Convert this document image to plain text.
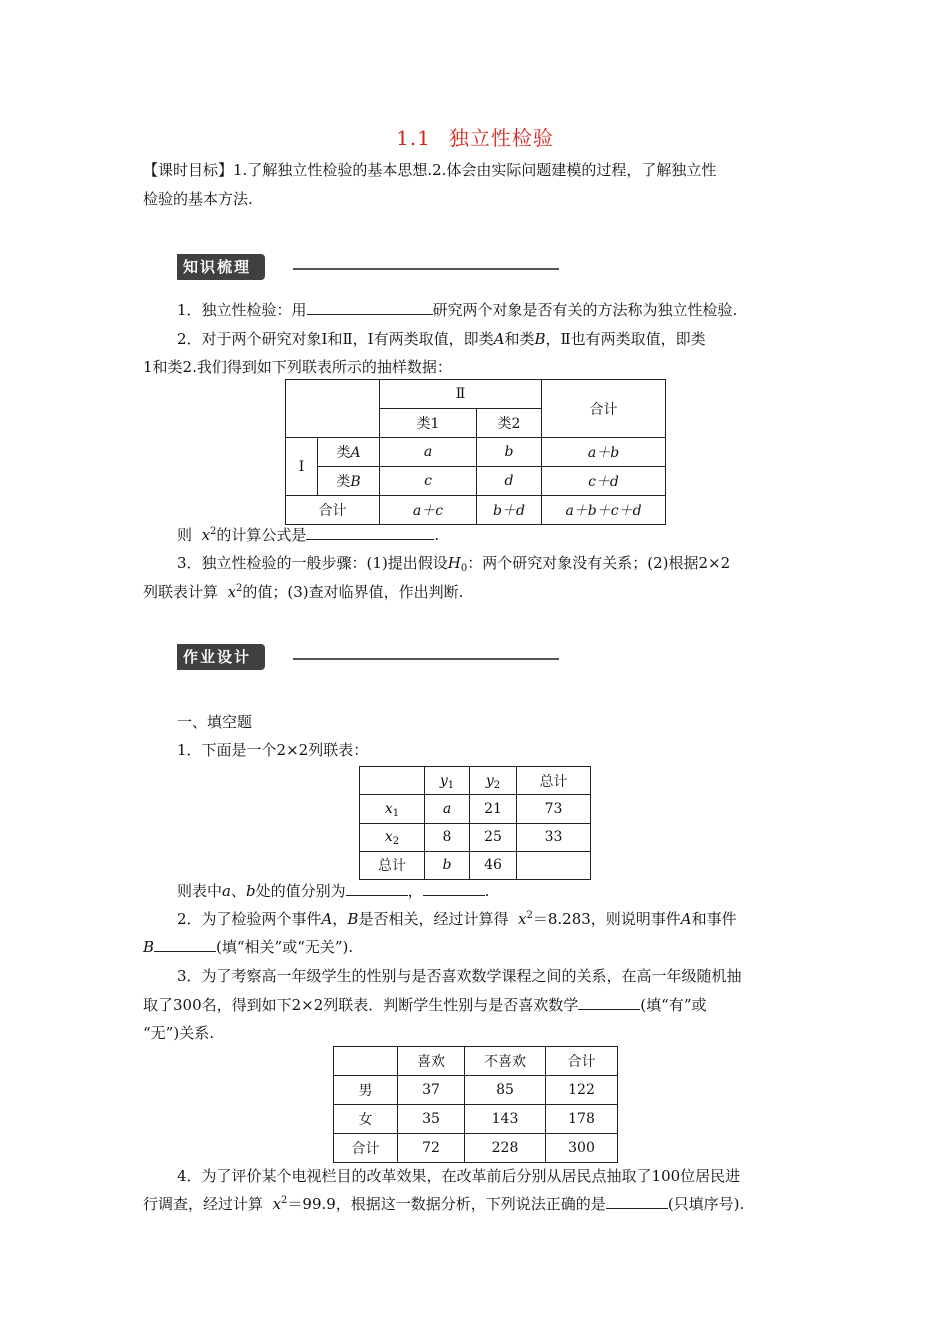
1.1 独立性检验
【课时目标】1.了解独立性检验的基本思想.2.体会由实际问题建模的过程，了解独立性
检验的基本方法.
知识梳理
1．独立性检验：用	研究两个对象是否有关的方法称为独立性检验.
2．对于两个研究对象Ⅰ和Ⅱ，Ⅰ有两类取值，即类A和类B，Ⅱ也有两类取值，即类
1和类2.我们得到如下列联表所示的抽样数据：
		Ⅱ		合计
		类1	类2	
Ⅰ	类A	a	b	a＋b
	类B	c	d	c＋d
合计		a＋c	b＋d	a＋b＋c＋d
则 $x^2$的计算公式是	.
3．独立性检验的一般步骤：(1)提出假设$H_0$：两个研究对象没有关系；(2)根据2×2
列联表计算 $x^2$的值；(3)查对临界值，作出判断.
作业设计
一、填空题
1．下面是一个2×2列联表：
	$y_1$	$y_2$	总计
$x_1$	a	21	73
$x_2$	8	25	33
总计	b	46	
则表中a、b处的值分别为	，	.
2．为了检验两个事件A，B是否相关，经过计算得 $x^2=8.283$，则说明事件A和事件
B	(填“相关”或“无关”).
3．为了考察高一年级学生的性别与是否喜欢数学课程之间的关系，在高一年级随机抽
取了300名，得到如下2×2列联表．判断学生性别与是否喜欢数学	(填“有”或
“无”)关系.
	喜欢	不喜欢	合计
男	37	85	122
女	35	143	178
合计	72	228	300
4．为了评价某个电视栏目的改革效果，在改革前后分别从居民点抽取了100位居民进
行调查，经过计算 $x^2=99.9$，根据这一数据分析，下列说法正确的是	(只填序号).
